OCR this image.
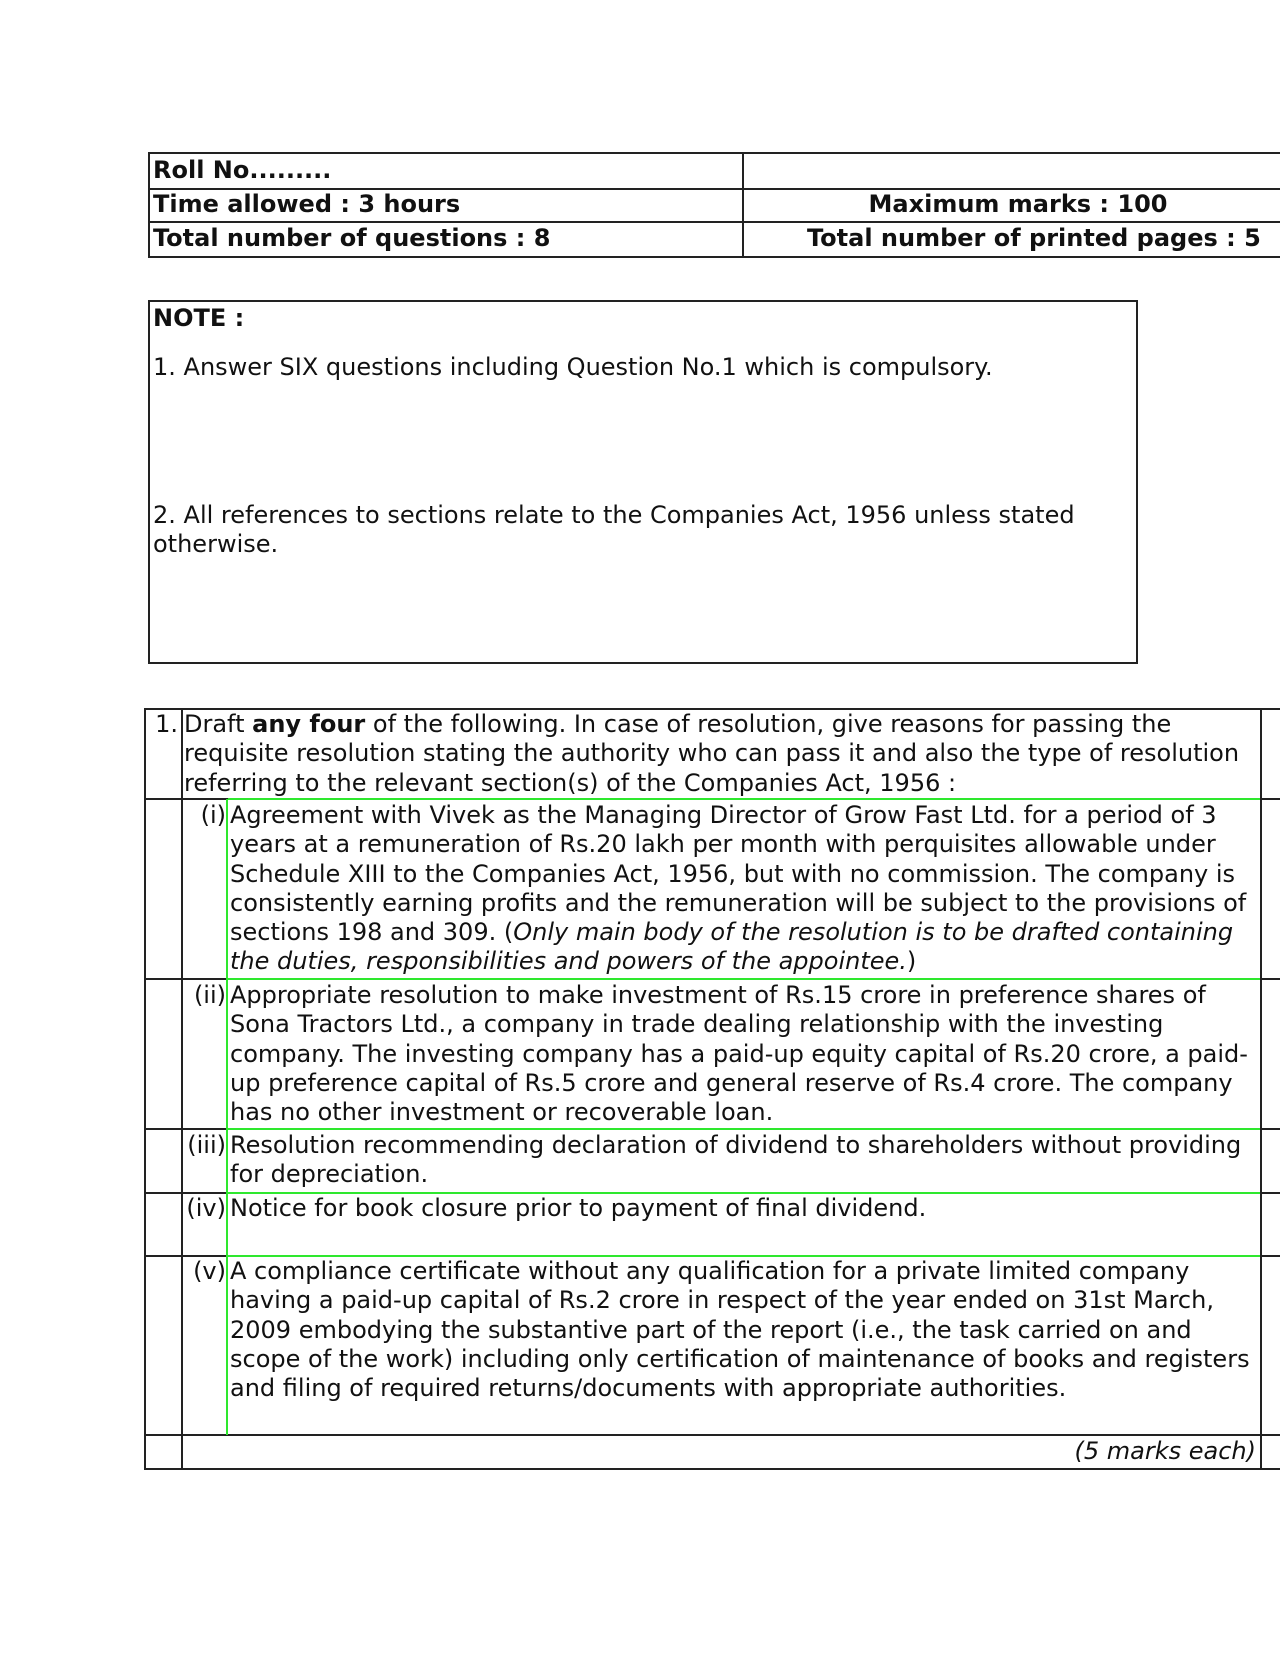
Roll No.........
Time allowed : 3 hours	Maximum marks : 100
Total number of questions : 8	Total number of printed pages : 5
NOTE :
1. Answer SIX questions including Question No.1 which is compulsory.
2. All references to sections relate to the Companies Act, 1956 unless stated otherwise.
1. Draft any four of the following. In case of resolution, give reasons for passing the requisite resolution stating the authority who can pass it and also the type of resolution referring to the relevant section(s) of the Companies Act, 1956 :
(i) Agreement with Vivek as the Managing Director of Grow Fast Ltd. for a period of 3 years at a remuneration of Rs.20 lakh per month with perquisites allowable under Schedule XIII to the Companies Act, 1956, but with no commission. The company is consistently earning profits and the remuneration will be subject to the provisions of sections 198 and 309. (Only main body of the resolution is to be drafted containing the duties, responsibilities and powers of the appointee.)
(ii) Appropriate resolution to make investment of Rs.15 crore in preference shares of Sona Tractors Ltd., a company in trade dealing relationship with the investing company. The investing company has a paid-up equity capital of Rs.20 crore, a paid-up preference capital of Rs.5 crore and general reserve of Rs.4 crore. The company has no other investment or recoverable loan.
(iii) Resolution recommending declaration of dividend to shareholders without providing for depreciation.
(iv) Notice for book closure prior to payment of final dividend.
(v) A compliance certificate without any qualification for a private limited company having a paid-up capital of Rs.2 crore in respect of the year ended on 31st March, 2009 embodying the substantive part of the report (i.e., the task carried on and scope of the work) including only certification of maintenance of books and registers and filing of required returns/documents with appropriate authorities.
(5 marks each)
